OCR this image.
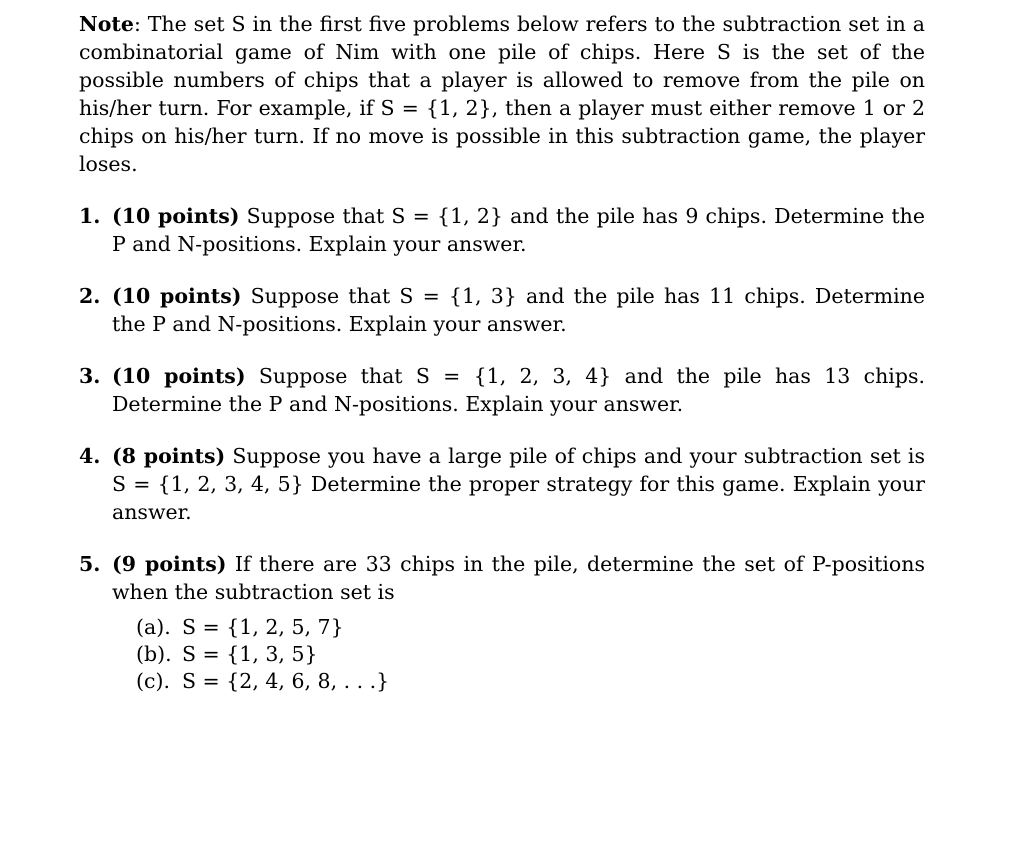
Note: The set S in the first five problems below refers to the subtraction set in a combinatorial game of Nim with one pile of chips. Here S is the set of the possible numbers of chips that a player is allowed to remove from the pile on his/her turn. For example, if S = {1, 2}, then a player must either remove 1 or 2 chips on his/her turn. If no move is possible in this subtraction game, the player loses.

1. (10 points) Suppose that S = {1, 2} and the pile has 9 chips. Determine the P and N-positions. Explain your answer.
2. (10 points) Suppose that S = {1, 3} and the pile has 11 chips. Determine the P and N-positions. Explain your answer.
3. (10 points) Suppose that S = {1, 2, 3, 4} and the pile has 13 chips. Determine the P and N-positions. Explain your answer.
4. (8 points) Suppose you have a large pile of chips and your subtraction set is S = {1, 2, 3, 4, 5} Determine the proper strategy for this game. Explain your answer.
5. (9 points) If there are 33 chips in the pile, determine the set of P-positions when the subtraction set is
(a). S = {1, 2, 5, 7}
(b). S = {1, 3, 5}
(c). S = {2, 4, 6, 8, . . .}
